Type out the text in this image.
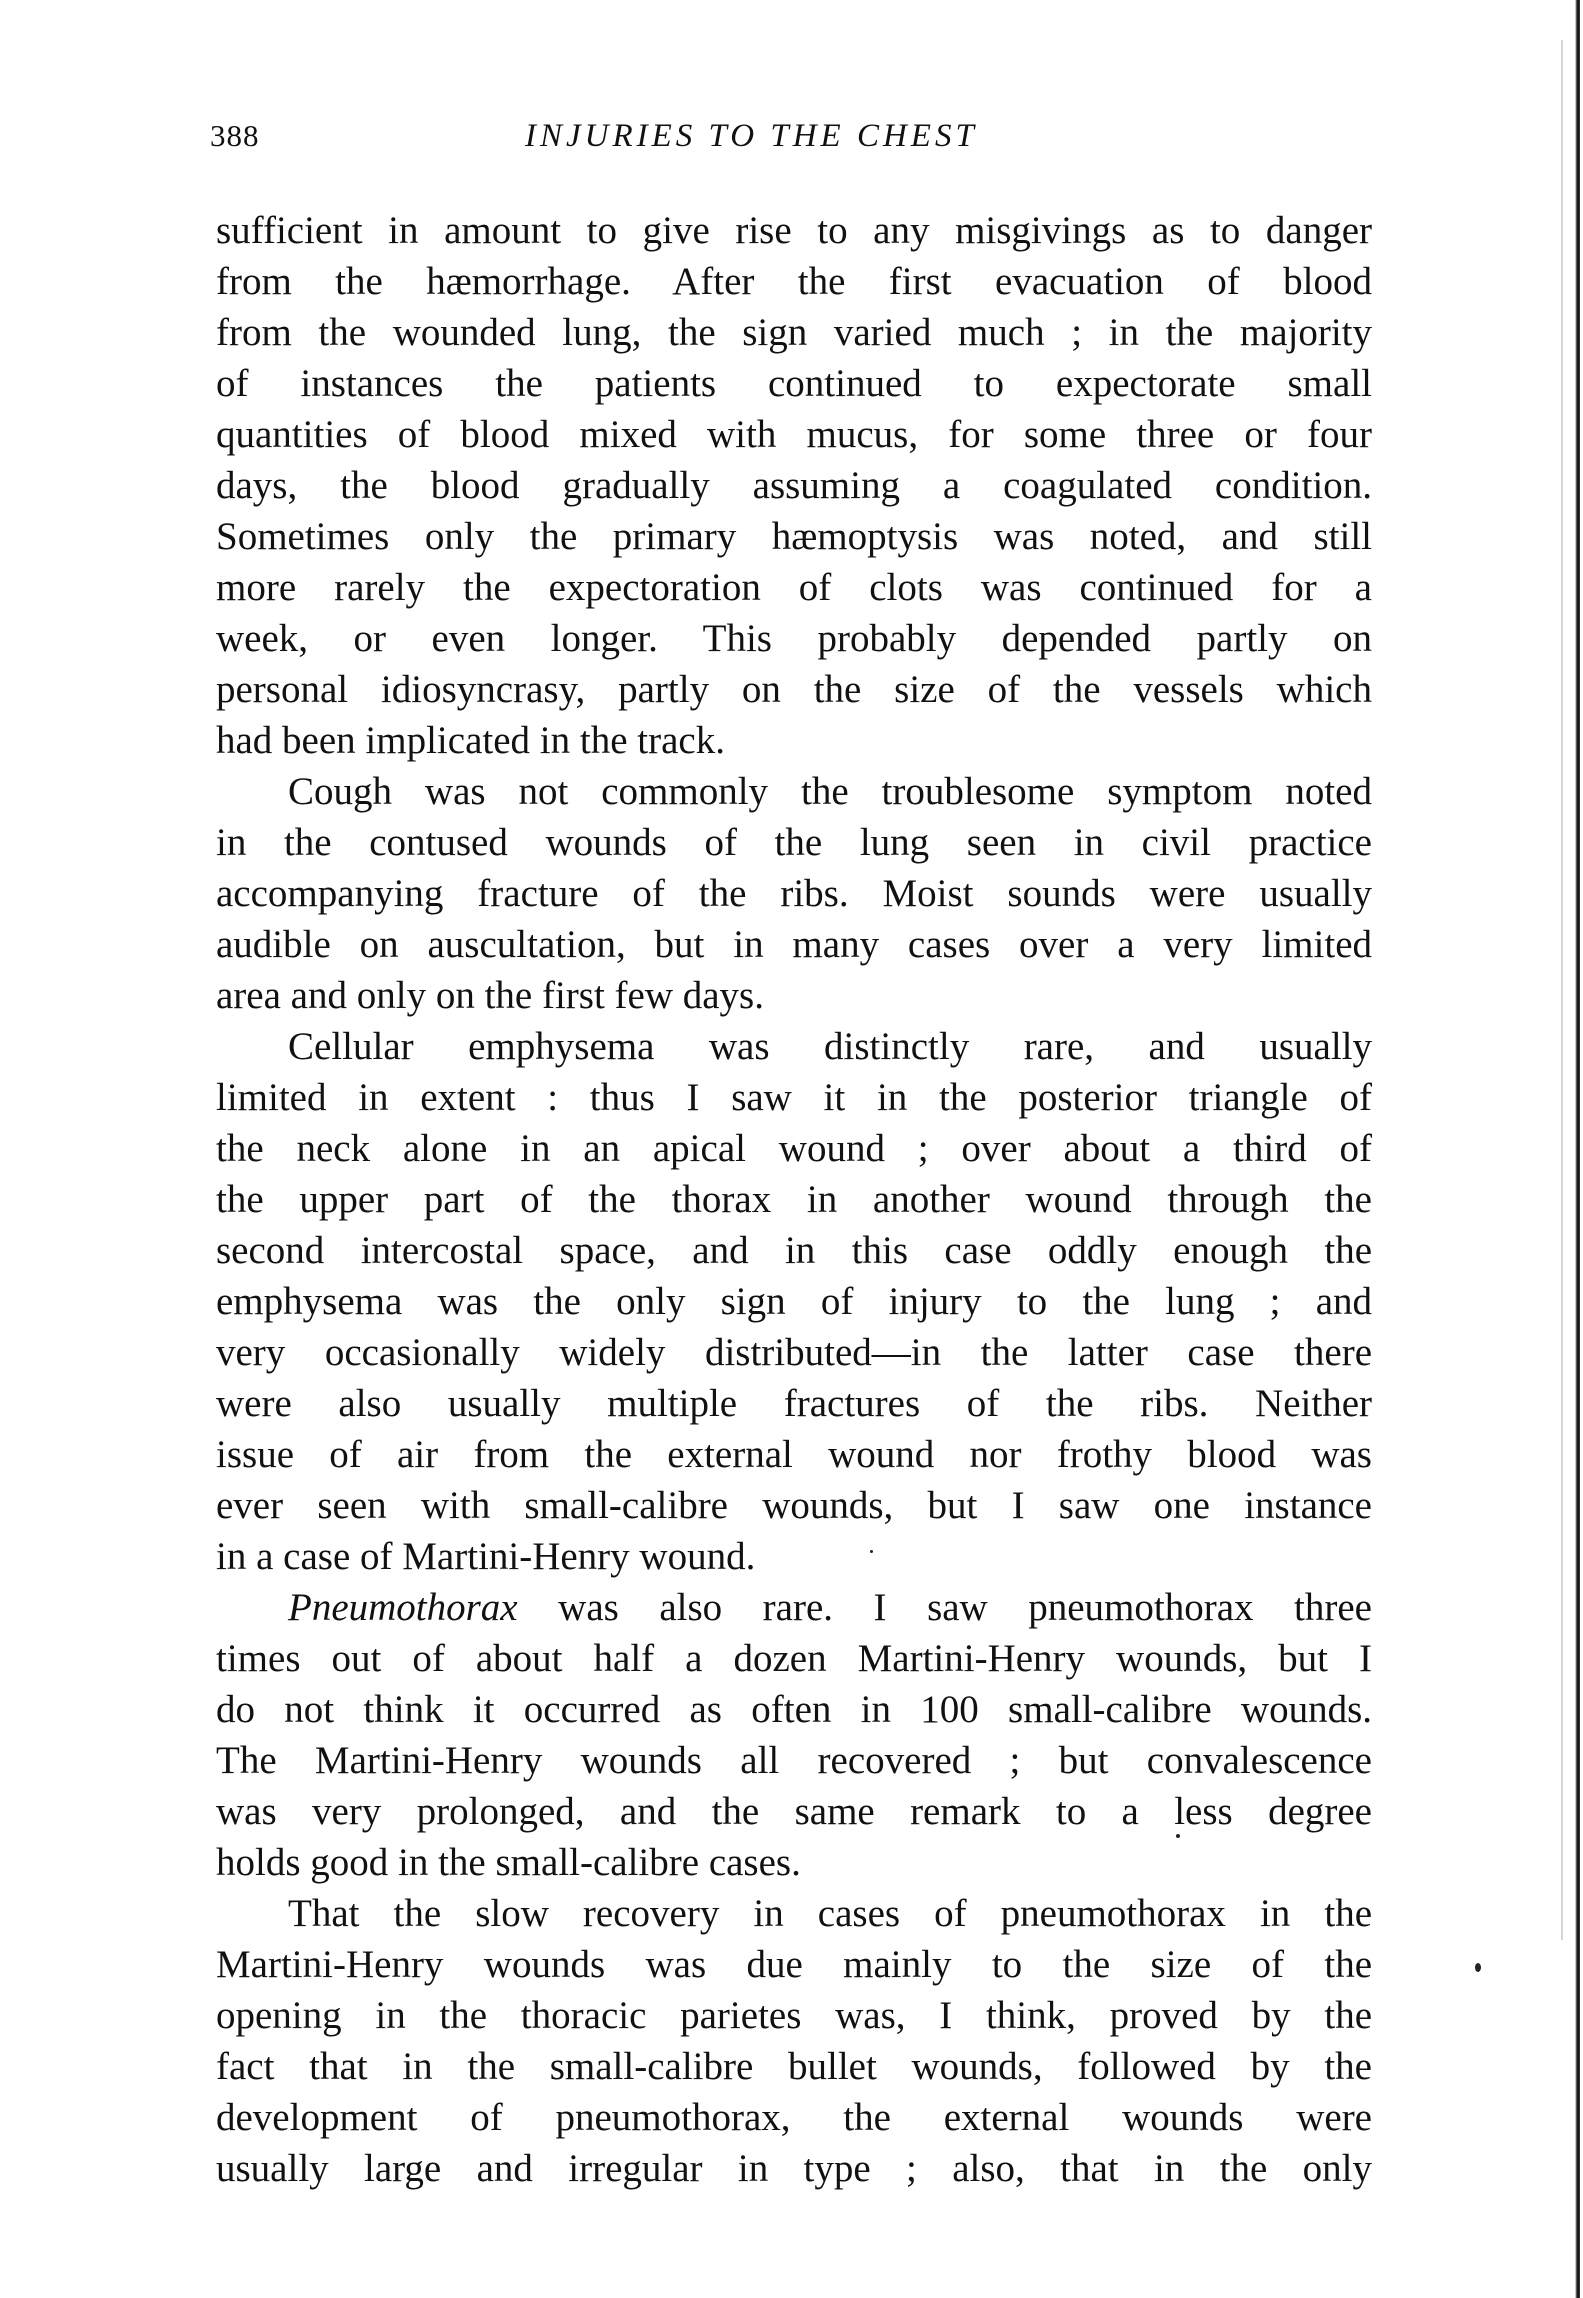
388	INJURIES TO THE CHEST
sufficient in amount to give rise to any misgivings as to danger
from the hæmorrhage. After the first evacuation of blood
from the wounded lung, the sign varied much ; in the majority
of instances the patients continued to expectorate small
quantities of blood mixed with mucus, for some three or four
days, the blood gradually assuming a coagulated condition.
Sometimes only the primary hæmoptysis was noted, and still
more rarely the expectoration of clots was continued for a
week, or even longer. This probably depended partly on
personal idiosyncrasy, partly on the size of the vessels which
had been implicated in the track.
Cough was not commonly the troublesome symptom noted
in the contused wounds of the lung seen in civil practice
accompanying fracture of the ribs. Moist sounds were usually
audible on auscultation, but in many cases over a very limited
area and only on the first few days.
Cellular emphysema was distinctly rare, and usually
limited in extent : thus I saw it in the posterior triangle of
the neck alone in an apical wound ; over about a third of
the upper part of the thorax in another wound through the
second intercostal space, and in this case oddly enough the
emphysema was the only sign of injury to the lung ; and
very occasionally widely distributed—in the latter case there
were also usually multiple fractures of the ribs. Neither
issue of air from the external wound nor frothy blood was
ever seen with small-calibre wounds, but I saw one instance
in a case of Martini-Henry wound.
Pneumothorax was also rare. I saw pneumothorax three
times out of about half a dozen Martini-Henry wounds, but I
do not think it occurred as often in 100 small-calibre wounds.
The Martini-Henry wounds all recovered ; but convalescence
was very prolonged, and the same remark to a less degree
holds good in the small-calibre cases.
That the slow recovery in cases of pneumothorax in the
Martini-Henry wounds was due mainly to the size of the
opening in the thoracic parietes was, I think, proved by the
fact that in the small-calibre bullet wounds, followed by the
development of pneumothorax, the external wounds were
usually large and irregular in type ; also, that in the only
